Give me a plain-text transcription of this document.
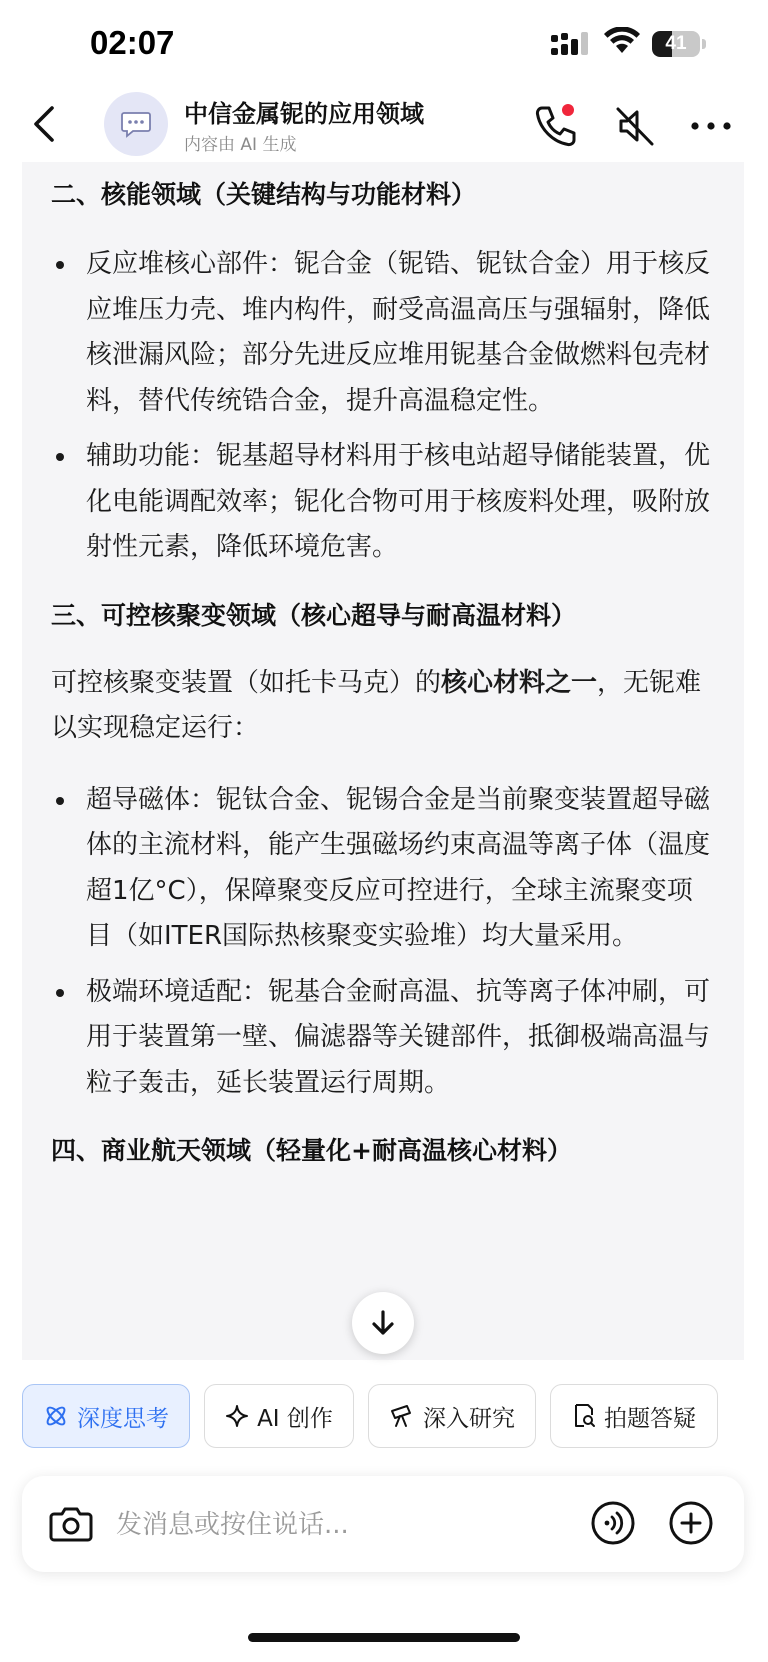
02:07	41
中信金属铌的应用领域
内容由 AI 生成
二、核能领域（关键结构与功能材料）
反应堆核心部件：铌合金（铌锆、铌钛合金）用于核反应堆压力壳、堆内构件，耐受高温高压与强辐射，降低核泄漏风险；部分先进反应堆用铌基合金做燃料包壳材料，替代传统锆合金，提升高温稳定性。
辅助功能：铌基超导材料用于核电站超导储能装置，优化电能调配效率；铌化合物可用于核废料处理，吸附放射性元素，降低环境危害。
三、可控核聚变领域（核心超导与耐高温材料）

可控核聚变装置（如托卡马克）的核心材料之一，无铌难以实现稳定运行：

超导磁体：铌钛合金、铌锡合金是当前聚变装置超导磁体的主流材料，能产生强磁场约束高温等离子体（温度超1亿°C），保障聚变反应可控进行，全球主流聚变项目（如ITER国际热核聚变实验堆）均大量采用。
极端环境适配：铌基合金耐高温、抗等离子体冲刷，可用于装置第一壁、偏滤器等关键部件，抵御极端高温与粒子轰击，延长装置运行周期。
四、商业航天领域（轻量化+耐高温核心材料）
深度思考	AI 创作	深入研究	拍题答疑
发消息或按住说话...
